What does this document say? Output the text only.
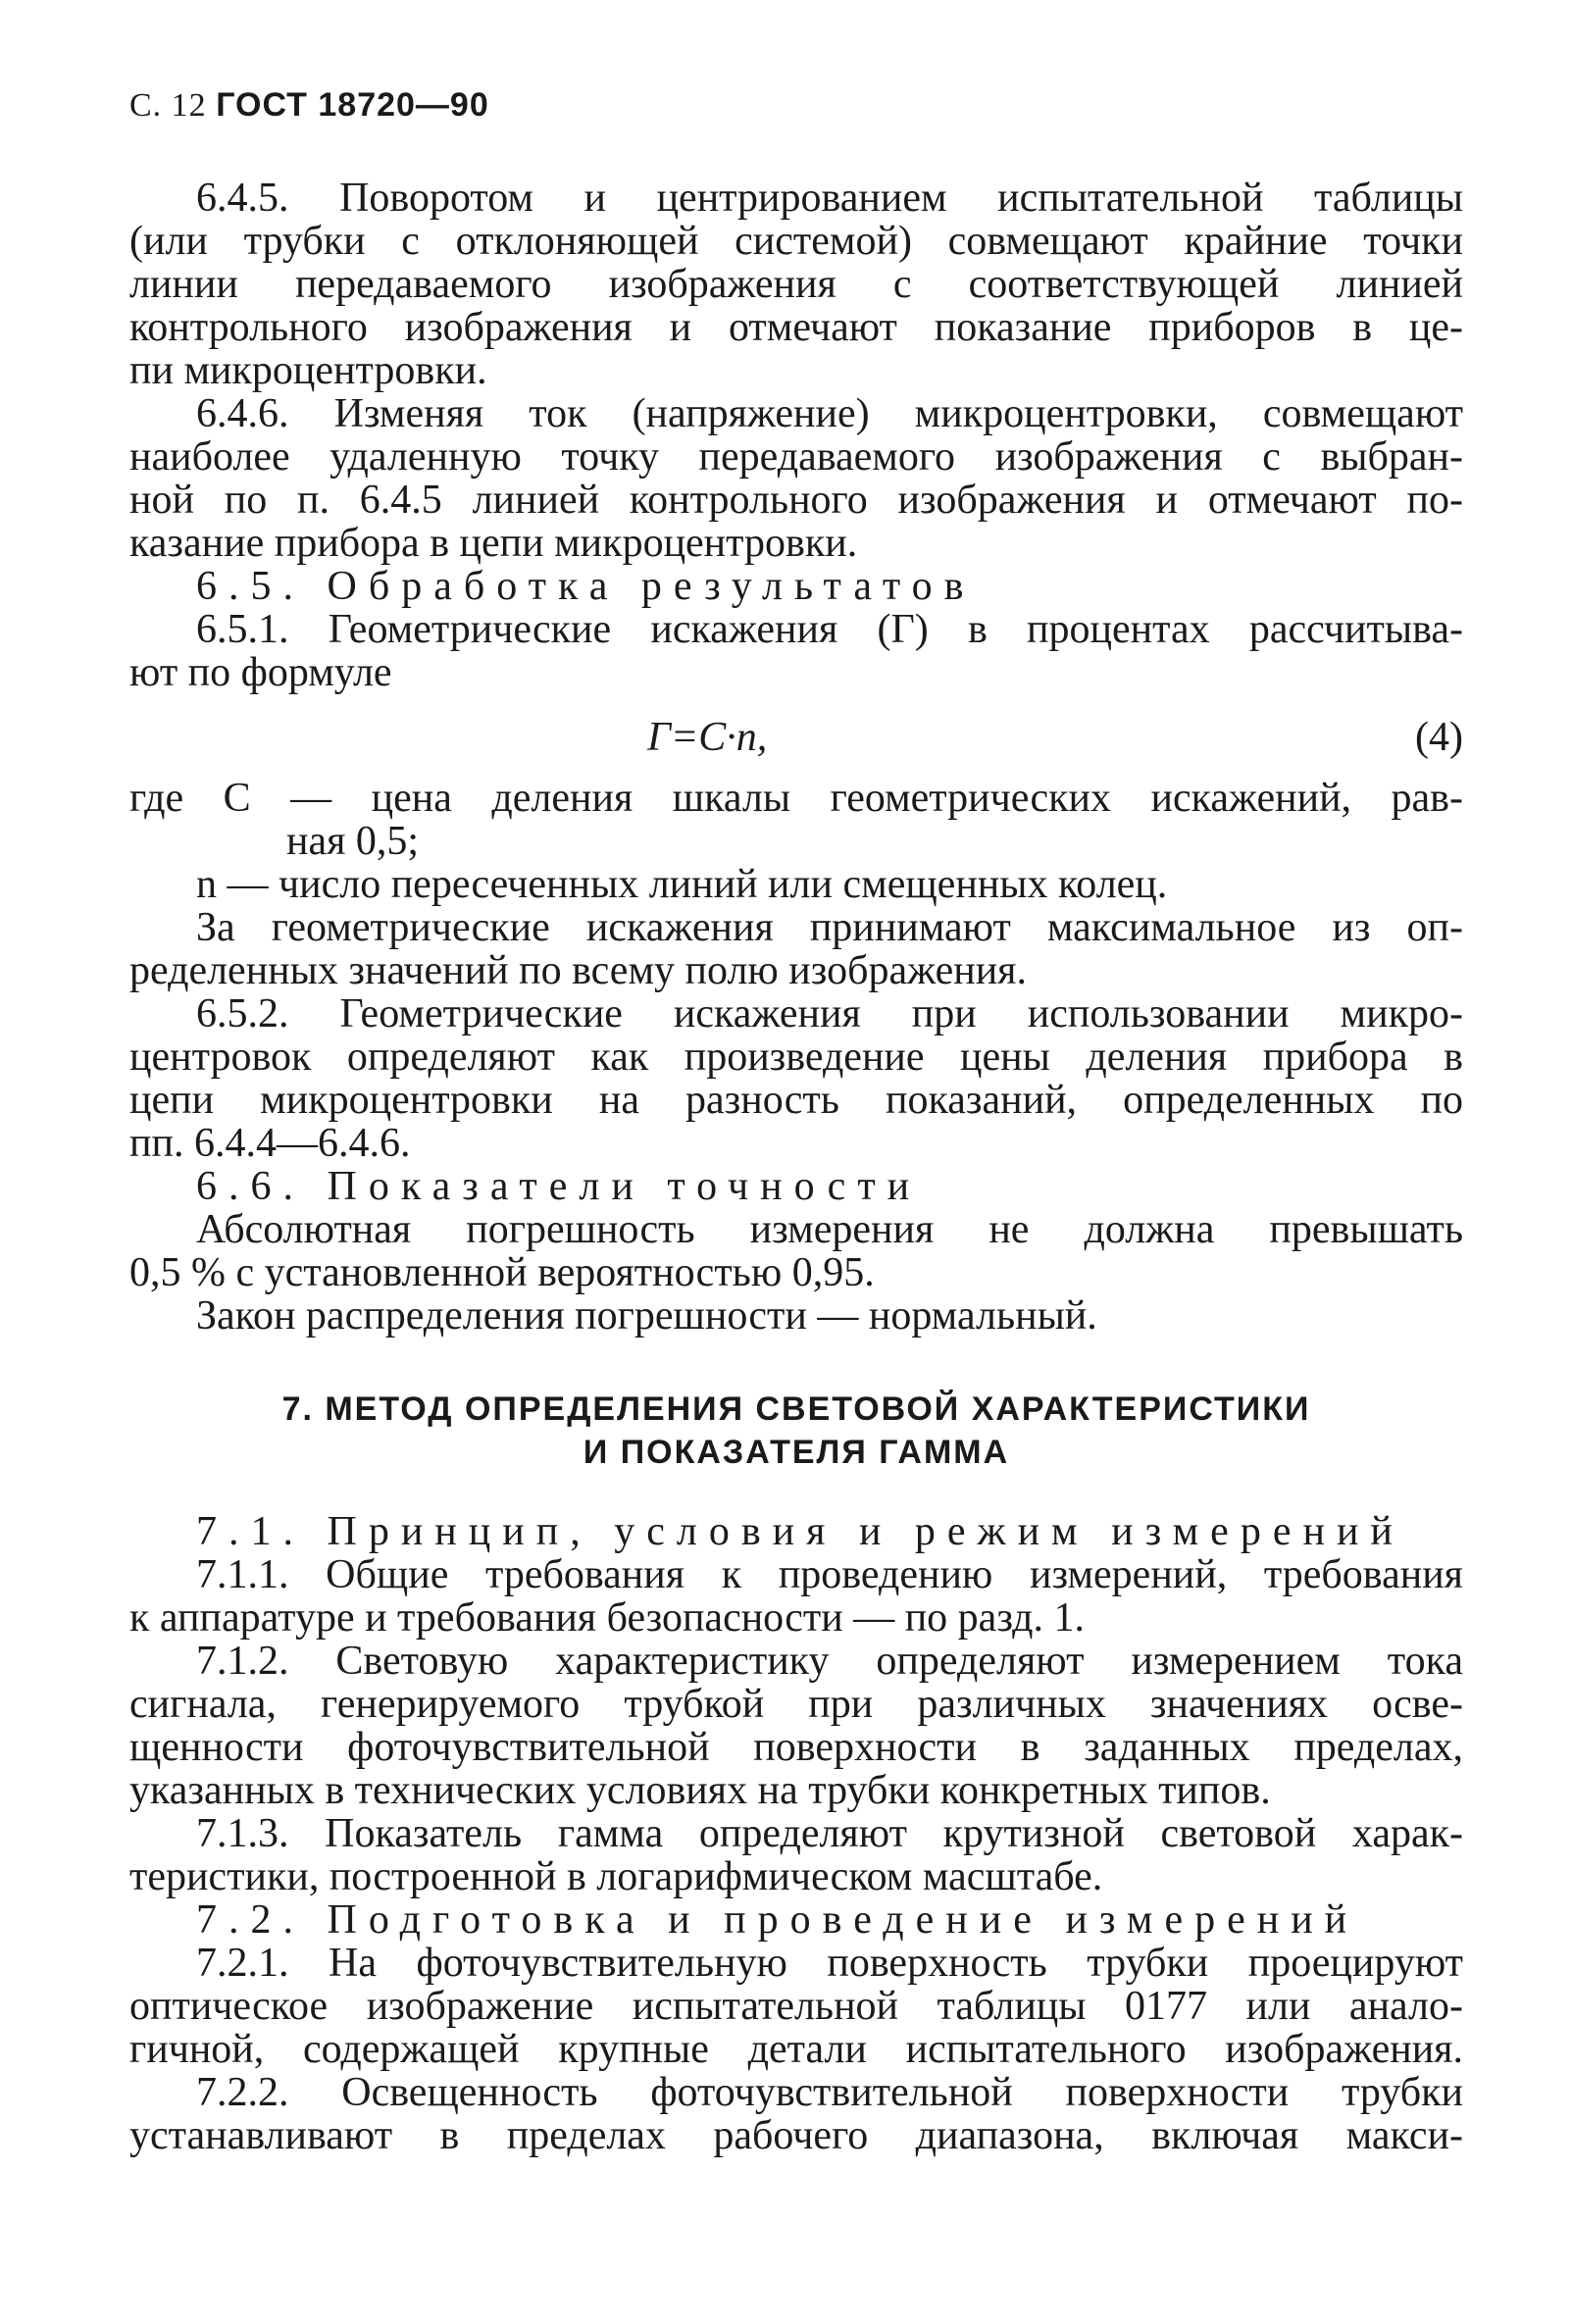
С. 12 ГОСТ 18720—90
6.4.5. Поворотом и центрированием испытательной таблицы
(или трубки с отклоняющей системой) совмещают крайние точки
линии передаваемого изображения с соответствующей линией
контрольного изображения и отмечают показание приборов в це-
пи микроцентровки.
6.4.6. Изменяя ток (напряжение) микроцентровки, совмещают
наиболее удаленную точку передаваемого изображения с выбран-
ной по п. 6.4.5 линией контрольного изображения и отмечают по-
казание прибора в цепи микроцентровки.
6.5. Обработка результатов
6.5.1. Геометрические искажения (Г) в процентах рассчитыва-
ют по формуле
Г=C·n,	(4)
где C — цена деления шкалы геометрических искажений, рав-
ная 0,5;
n — число пересеченных линий или смещенных колец.
За геометрические искажения принимают максимальное из оп-
ределенных значений по всему полю изображения.
6.5.2. Геометрические искажения при использовании микро-
центровок определяют как произведение цены деления прибора в
цепи микроцентровки на разность показаний, определенных по
пп. 6.4.4—6.4.6.
6.6. Показатели точности
Абсолютная погрешность измерения не должна превышать
0,5 % с установленной вероятностью 0,95.
Закон распределения погрешности — нормальный.
7. МЕТОД ОПРЕДЕЛЕНИЯ СВЕТОВОЙ ХАРАКТЕРИСТИКИ
И ПОКАЗАТЕЛЯ ГАММА
7.1. Принцип, условия и режим измерений
7.1.1. Общие требования к проведению измерений, требования
к аппаратуре и требования безопасности — по разд. 1.
7.1.2. Световую характеристику определяют измерением тока
сигнала, генерируемого трубкой при различных значениях осве-
щенности фоточувствительной поверхности в заданных пределах,
указанных в технических условиях на трубки конкретных типов.
7.1.3. Показатель гамма определяют крутизной световой харак-
теристики, построенной в логарифмическом масштабе.
7.2. Подготовка и проведение измерений
7.2.1. На фоточувствительную поверхность трубки проецируют
оптическое изображение испытательной таблицы 0177 или анало-
гичной, содержащей крупные детали испытательного изображения.
7.2.2. Освещенность фоточувствительной поверхности трубки
устанавливают в пределах рабочего диапазона, включая макси-
